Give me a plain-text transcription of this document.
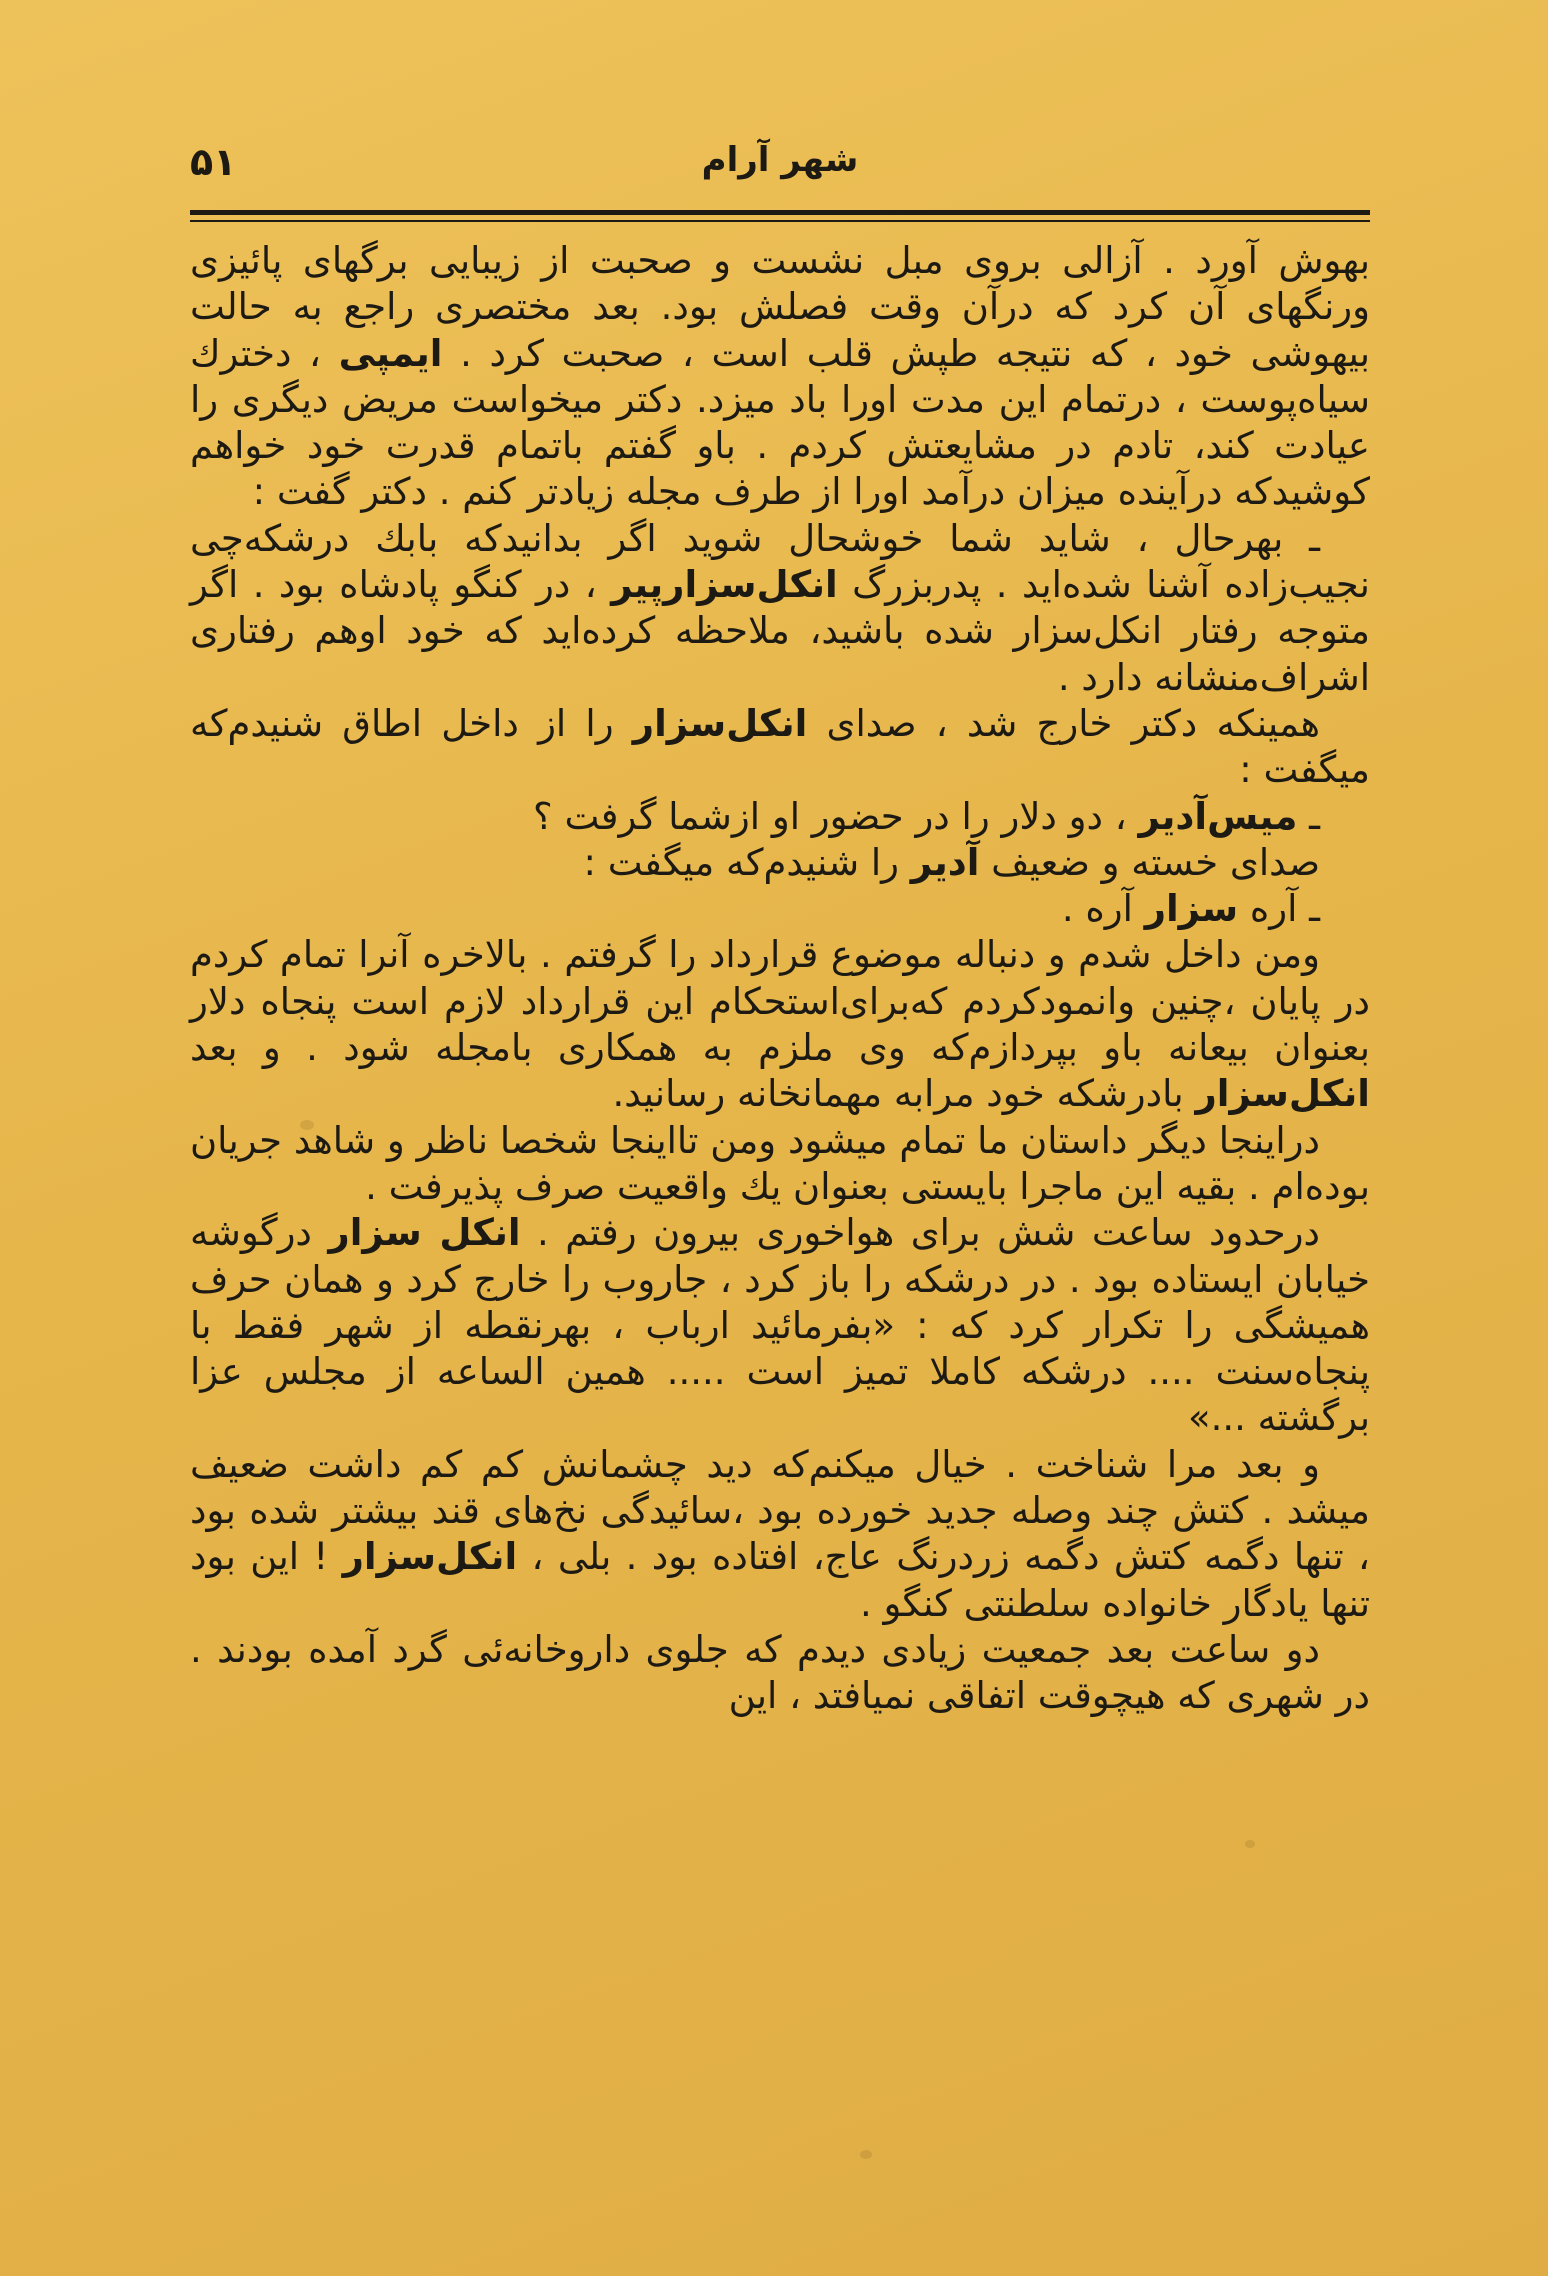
۵۱	شهر آرام

بهوش آورد . آزالی بروی مبل نشست و صحبت از زیبایی برگهای پائیزی ورنگهای آن کرد که درآن وقت فصلش بود. بعد مختصری راجع به حالت بیهوشی خود ، که نتیجه طپش قلب است ، صحبت کرد . ایمپی ، دخترك سیاه‌پوست ، درتمام این مدت اورا باد میزد. دکتر میخواست مریض دیگری را عیادت کند، تادم در مشایعتش کردم . باو گفتم باتمام قدرت خود خواهم کوشیدکه درآینده میزان درآمد اورا از طرف مجله زیادتر کنم . دکتر گفت :

ـ بهرحال ، شاید شما خوشحال شوید اگر بدانیدکه بابك درشکه‌چی نجیب‌زاده آشنا شده‌اید . پدربزرگ انکل‌سزارپیر ، در کنگو پادشاه بود . اگر متوجه رفتار انکل‌سزار شده باشید، ملاحظه کرده‌اید که خود اوهم رفتاری اشراف‌منشانه دارد .

همینکه دکتر خارج شد ، صدای انکل‌سزار را از داخل اطاق شنیدم‌که میگفت :

ـ میس‌آدیر ، دو دلار را در حضور او ازشما گرفت ؟

صدای خسته و ضعیف آدیر را شنیدم‌که میگفت :

ـ آره سزار آره .

ومن داخل شدم و دنباله موضوع قرارداد را گرفتم . بالاخره آنرا تمام کردم در پایان ،چنین وانمودکردم که‌برای‌استحکام این قرارداد لازم است پنجاه دلار بعنوان بیعانه باو بپردازم‌که وی ملزم به همکاری بامجله شود . و بعد انکل‌سزار بادرشکه خود مرابه مهمانخانه رسانید.

دراینجا دیگر داستان ما تمام میشود ومن تااینجا شخصا ناظر و شاهد جریان بوده‌ام . بقیه این ماجرا بایستی بعنوان یك واقعیت صرف پذیرفت .

درحدود ساعت شش برای هواخوری بیرون رفتم . انکل سزار درگوشه خیابان ایستاده بود . در درشکه را باز کرد ، جاروب را خارج کرد و همان حرف همیشگی را تکرار کرد که : «بفرمائید ارباب ، بهرنقطه از شهر فقط با پنجاه‌سنت .... درشکه کاملا تمیز است ..... همین الساعه از مجلس عزا برگشته ...»

و بعد مرا شناخت . خیال میکنم‌که دید چشمانش کم کم داشت ضعیف میشد . کتش چند وصله جدید خورده بود ،سائیدگی نخ‌های قند بیشتر شده بود ، تنها دگمه کتش دگمه زردرنگ عاج، افتاده بود . بلی ، انکل‌سزار ! این بود تنها یادگار خانواده سلطنتی کنگو .

دو ساعت بعد جمعیت زیادی دیدم که جلوی داروخانه‌ئی گرد آمده بودند . در شهری که هیچوقت اتفاقی نمیافتد ، این
